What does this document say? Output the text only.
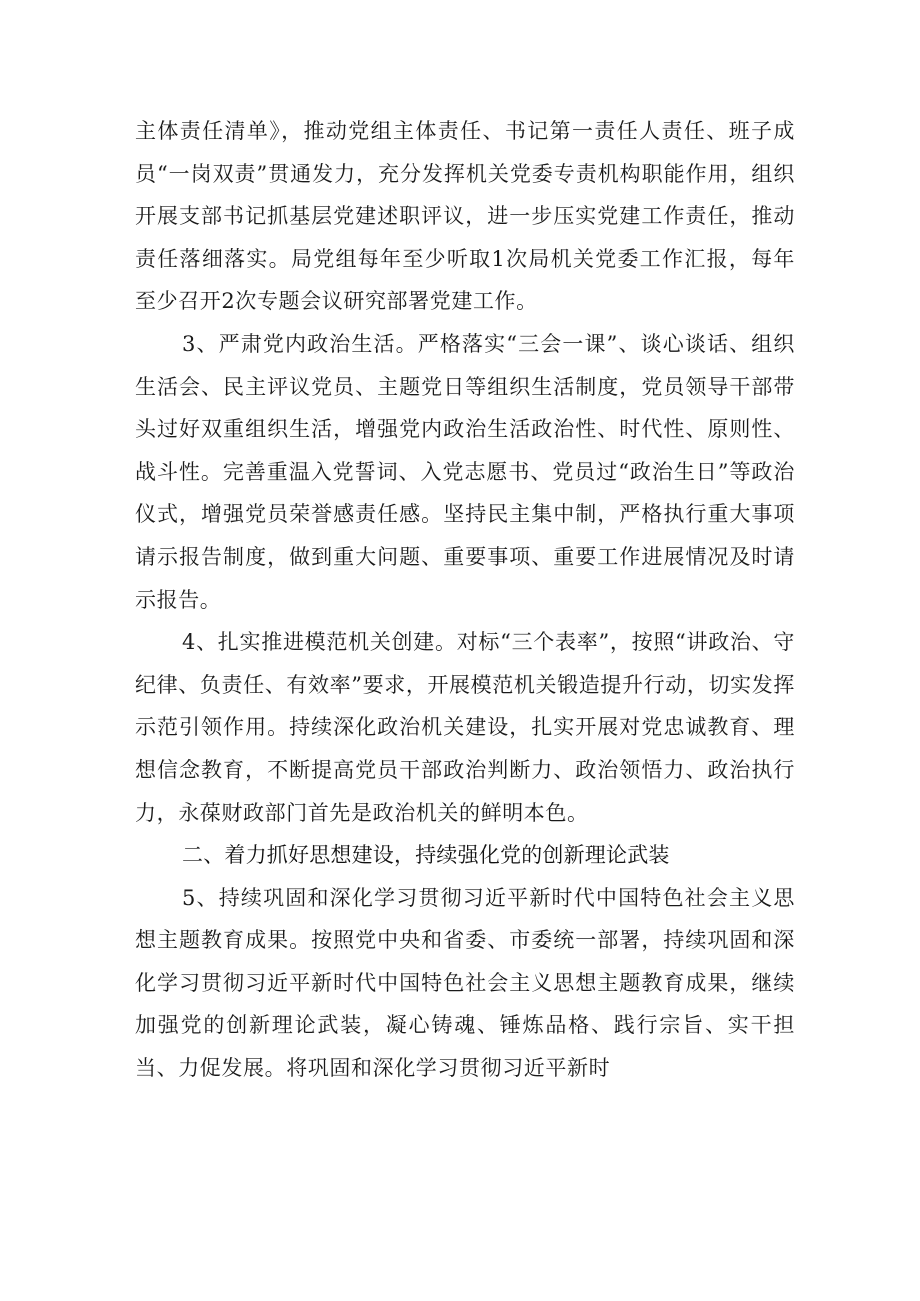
主体责任清单》，推动党组主体责任、书记第一责任人责任、班子成员“一岗双责”贯通发力，充分发挥机关党委专责机构职能作用，组织开展支部书记抓基层党建述职评议，进一步压实党建工作责任，推动责任落细落实。局党组每年至少听取1次局机关党委工作汇报，每年至少召开2次专题会议研究部署党建工作。

3、严肃党内政治生活。严格落实“三会一课”、谈心谈话、组织生活会、民主评议党员、主题党日等组织生活制度，党员领导干部带头过好双重组织生活，增强党内政治生活政治性、时代性、原则性、战斗性。完善重温入党誓词、入党志愿书、党员过“政治生日”等政治仪式，增强党员荣誉感责任感。坚持民主集中制，严格执行重大事项请示报告制度，做到重大问题、重要事项、重要工作进展情况及时请示报告。

4、扎实推进模范机关创建。对标“三个表率”，按照“讲政治、守纪律、负责任、有效率”要求，开展模范机关锻造提升行动，切实发挥示范引领作用。持续深化政治机关建设，扎实开展对党忠诚教育、理想信念教育，不断提高党员干部政治判断力、政治领悟力、政治执行力，永葆财政部门首先是政治机关的鲜明本色。

二、着力抓好思想建设，持续强化党的创新理论武装

5、持续巩固和深化学习贯彻习近平新时代中国特色社会主义思想主题教育成果。按照党中央和省委、市委统一部署，持续巩固和深化学习贯彻习近平新时代中国特色社会主义思想主题教育成果，继续加强党的创新理论武装，凝心铸魂、锤炼品格、践行宗旨、实干担当、力促发展。将巩固和深化学习贯彻习近平新时
